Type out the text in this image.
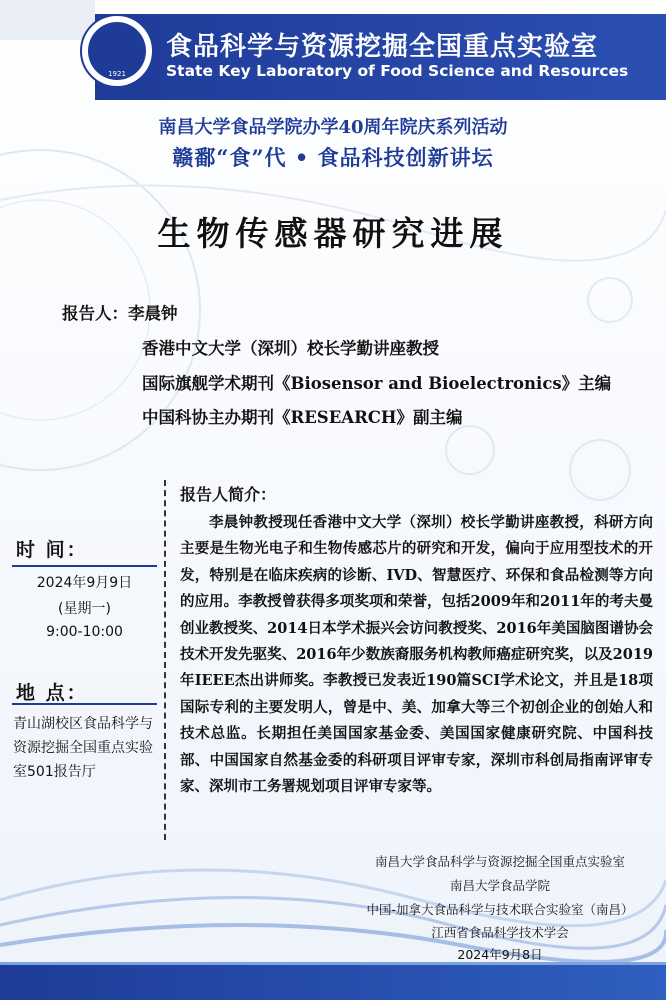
1921
食品科学与资源挖掘全国重点实验室
State Key Laboratory of Food Science and Resources
南昌大学食品学院办学40周年院庆系列活动
赣鄱“食”代 • 食品科技创新讲坛
生物传感器研究进展
报告人：李晨钟
香港中文大学（深圳）校长学勤讲座教授
国际旗舰学术期刊《Biosensor and Bioelectronics》主编
中国科协主办期刊《RESEARCH》副主编
报告人简介：

李晨钟教授现任香港中文大学（深圳）校长学勤讲座教授，科研方向主要是生物光电子和生物传感芯片的研究和开发，偏向于应用型技术的开发，特别是在临床疾病的诊断、IVD、智慧医疗、环保和食品检测等方向的应用。李教授曾获得多项奖项和荣誉，包括2009年和2011年的考夫曼创业教授奖、2014日本学术振兴会访问教授奖、2016年美国脑图谱协会技术开发先驱奖、2016年少数族裔服务机构教师癌症研究奖，以及2019年IEEE杰出讲师奖。李教授已发表近190篇SCI学术论文，并且是18项国际专利的主要发明人，曾是中、美、加拿大等三个初创企业的创始人和技术总监。长期担任美国国家基金委、美国国家健康研究院、中国科技部、中国国家自然基金委的科研项目评审专家，深圳市科创局指南评审专家、深圳市工务署规划项目评审专家等。

时 间：
2024年9月9日
(星期一)
9:00-10:00
地 点：
青山湖校区食品科学与资源挖掘全国重点实验室501报告厅
南昌大学食品科学与资源挖掘全国重点实验室
南昌大学食品学院
中国-加拿大食品科学与技术联合实验室（南昌）
江西省食品科学技术学会
2024年9月8日
